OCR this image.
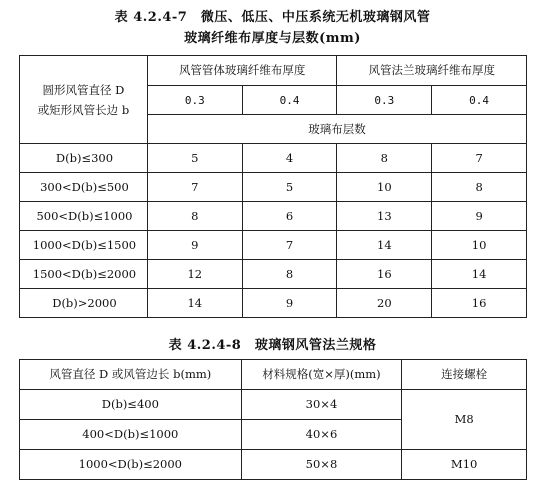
表 4.2.4-7　微压、低压、中压系统无机玻璃钢风管
玻璃纤维布厚度与层数(mm)
圆形风管直径 D
或矩形风管长边 b	风管管体玻璃纤维布厚度		风管法兰玻璃纤维布厚度	
	0.3	0.4	0.3	0.4
	玻璃布层数			
D(b)≤300	5	4	8	7
300<D(b)≤500	7	5	10	8
500<D(b)≤1000	8	6	13	9
1000<D(b)≤1500	9	7	14	10
1500<D(b)≤2000	12	8	16	14
D(b)>2000	14	9	20	16
表 4.2.4-8　玻璃钢风管法兰规格
风管直径 D 或风管边长 b(mm)	材料规格(宽×厚)(mm)	连接螺栓
D(b)≤400	30×4	M8
400<D(b)≤1000	40×6	
1000<D(b)≤2000	50×8	M10
